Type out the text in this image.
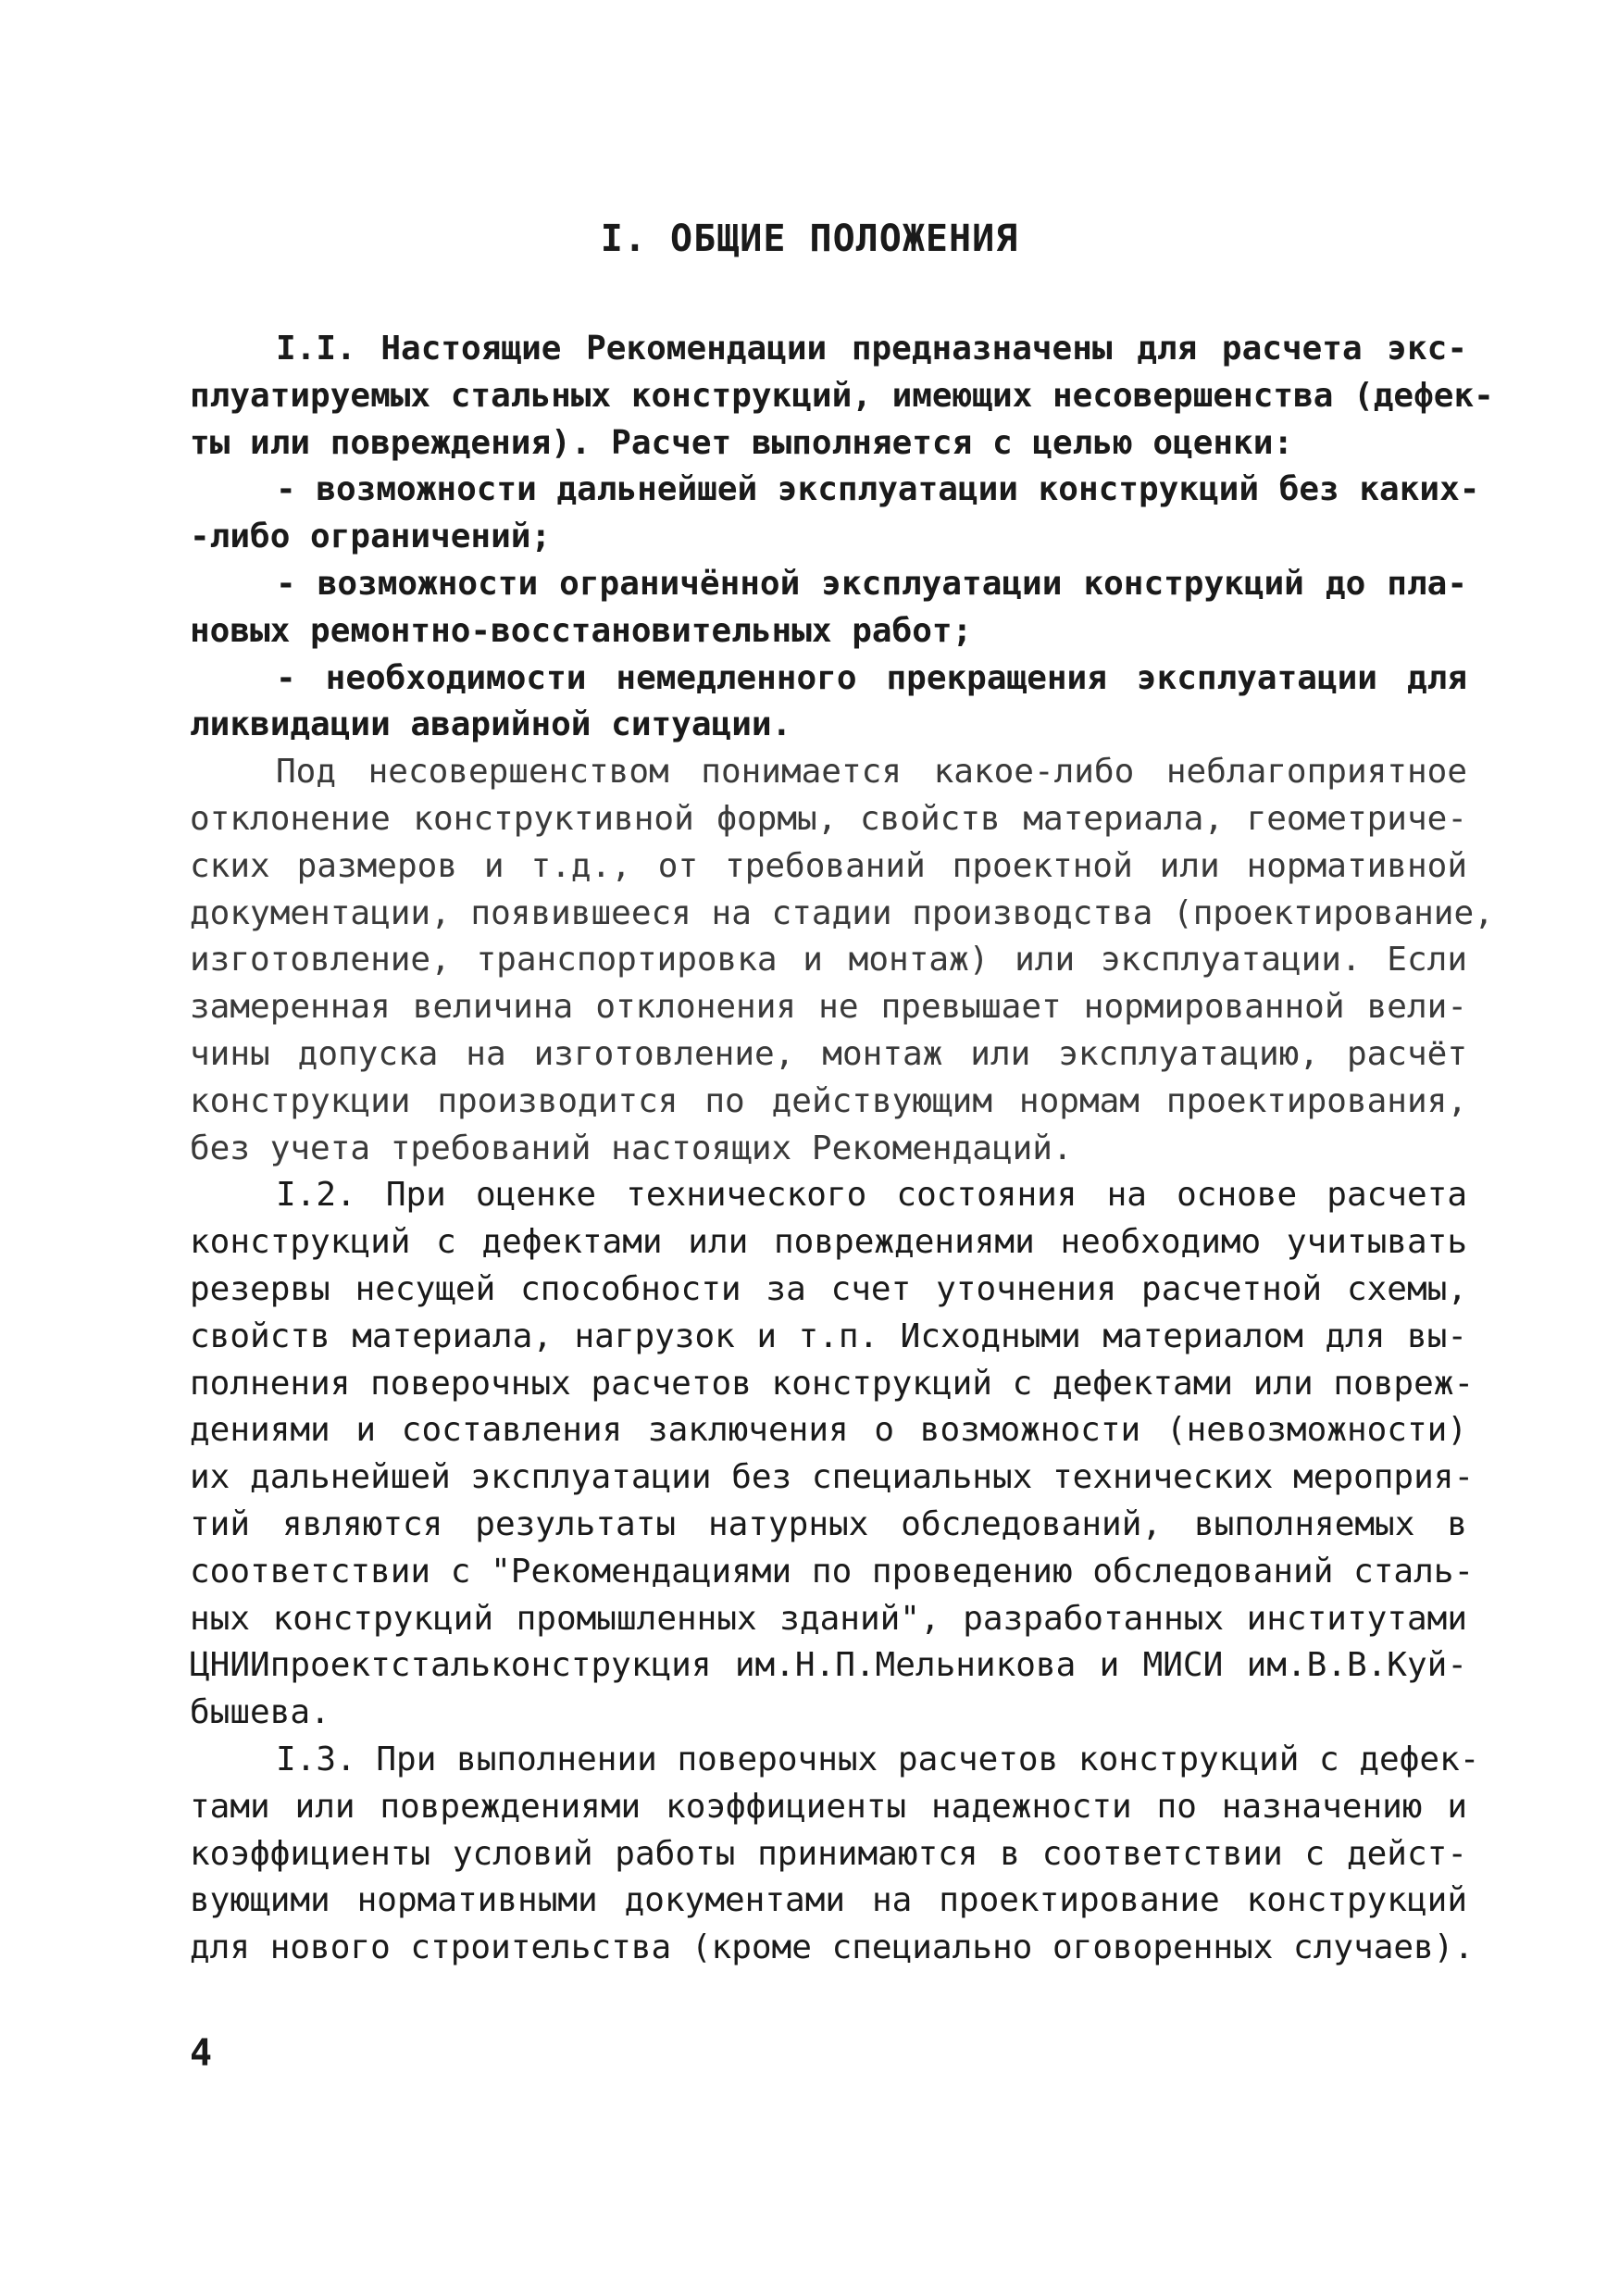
I. ОБЩИЕ ПОЛОЖЕНИЯ
I.I. Настоящие Рекомендации предназначены для расчета экс-
плуатируемых стальных конструкций, имеющих несовершенства (дефек-
ты или повреждения). Расчет выполняется с целью оценки:
- возможности дальнейшей эксплуатации конструкций без каких-
-либо ограничений;
- возможности ограничённой эксплуатации конструкций до пла-
новых ремонтно-восстановительных работ;
- необходимости немедленного прекращения эксплуатации для
ликвидации аварийной ситуации.
Под несовершенством понимается какое-либо неблагоприятное
отклонение конструктивной формы, свойств материала, геометриче-
ских размеров и т.д., от требований проектной или нормативной
документации, появившееся на стадии производства (проектирование,
изготовление, транспортировка и монтаж) или эксплуатации. Если
замеренная величина отклонения не превышает нормированной вели-
чины допуска на изготовление, монтаж или эксплуатацию, расчёт
конструкции производится по действующим нормам проектирования,
без учета требований настоящих Рекомендаций.
I.2. При оценке технического состояния на основе расчета
конструкций с дефектами или повреждениями необходимо учитывать
резервы несущей способности за счет уточнения расчетной схемы,
свойств материала, нагрузок и т.п. Исходными материалом для вы-
полнения поверочных расчетов конструкций с дефектами или повреж-
дениями и составления заключения о возможности (невозможности)
их дальнейшей эксплуатации без специальных технических мероприя-
тий являются результаты натурных обследований, выполняемых в
соответствии с "Рекомендациями по проведению обследований сталь-
ных конструкций промышленных зданий", разработанных институтами
ЦНИИпроектстальконструкция им.Н.П.Мельникова и МИСИ им.В.В.Куй-
бышева.
I.3. При выполнении поверочных расчетов конструкций с дефек-
тами или повреждениями коэффициенты надежности по назначению и
коэффициенты условий работы принимаются в соответствии с дейст-
вующими нормативными документами на проектирование конструкций
для нового строительства (кроме специально оговоренных случаев).
4
